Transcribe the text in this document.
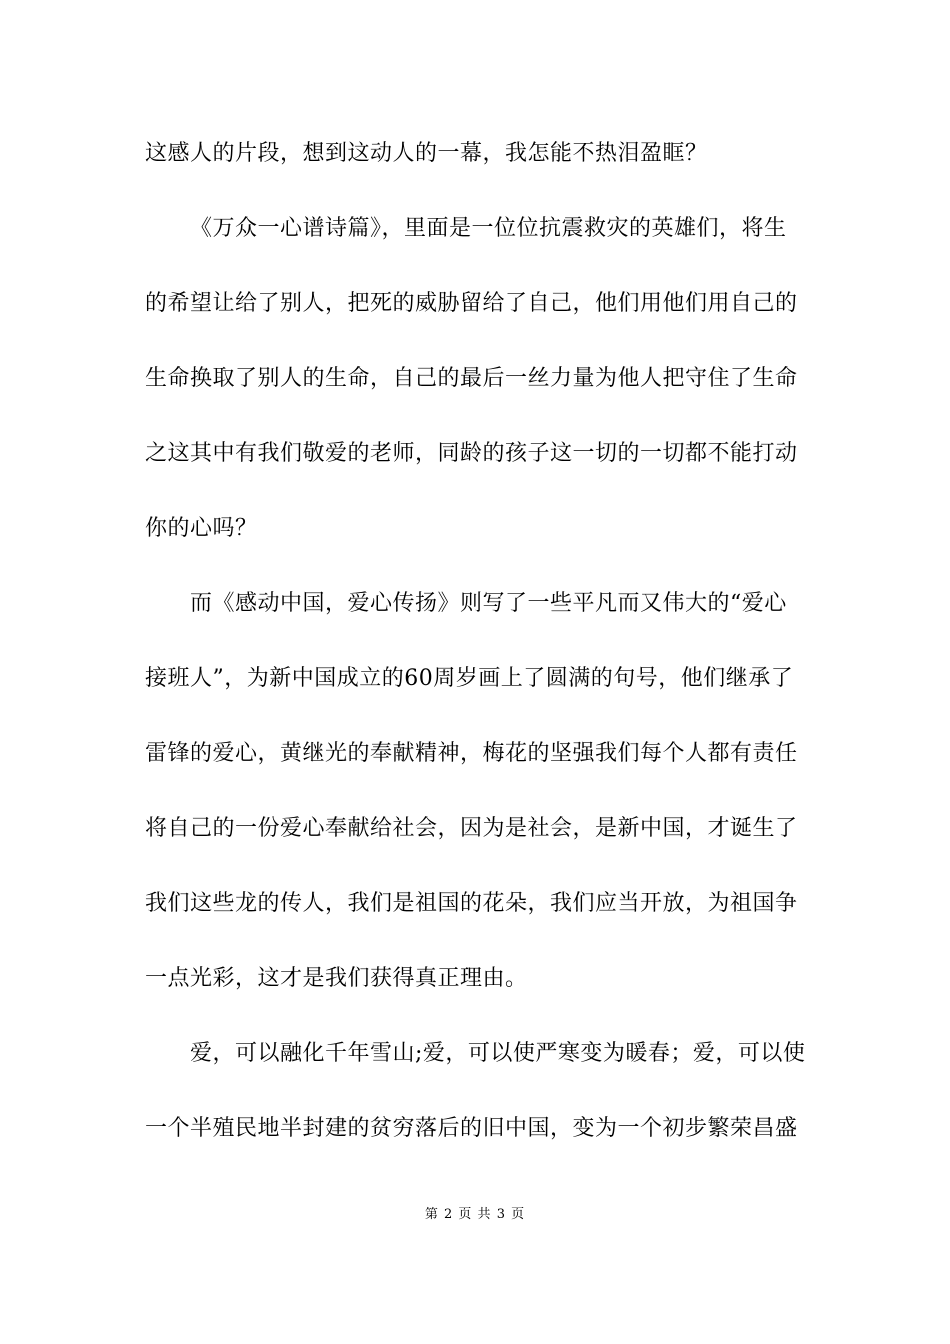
这感人的片段，想到这动人的一幕，我怎能不热泪盈眶？
《万众一心谱诗篇》，里面是一位位抗震救灾的英雄们，将生
的希望让给了别人，把死的威胁留给了自己，他们用他们用自己的
生命换取了别人的生命，自己的最后一丝力量为他人把守住了生命
之这其中有我们敬爱的老师，同龄的孩子这一切的一切都不能打动
你的心吗？
而《感动中国，爱心传扬》则写了一些平凡而又伟大的“爱心
接班人”，为新中国成立的60周岁画上了圆满的句号，他们继承了
雷锋的爱心，黄继光的奉献精神，梅花的坚强我们每个人都有责任
将自己的一份爱心奉献给社会，因为是社会，是新中国，才诞生了
我们这些龙的传人，我们是祖国的花朵，我们应当开放，为祖国争
一点光彩，这才是我们获得真正理由。
爱，可以融化千年雪山;爱，可以使严寒变为暖春；爱，可以使
一个半殖民地半封建的贫穷落后的旧中国，变为一个初步繁荣昌盛
第 2 页 共 3 页
